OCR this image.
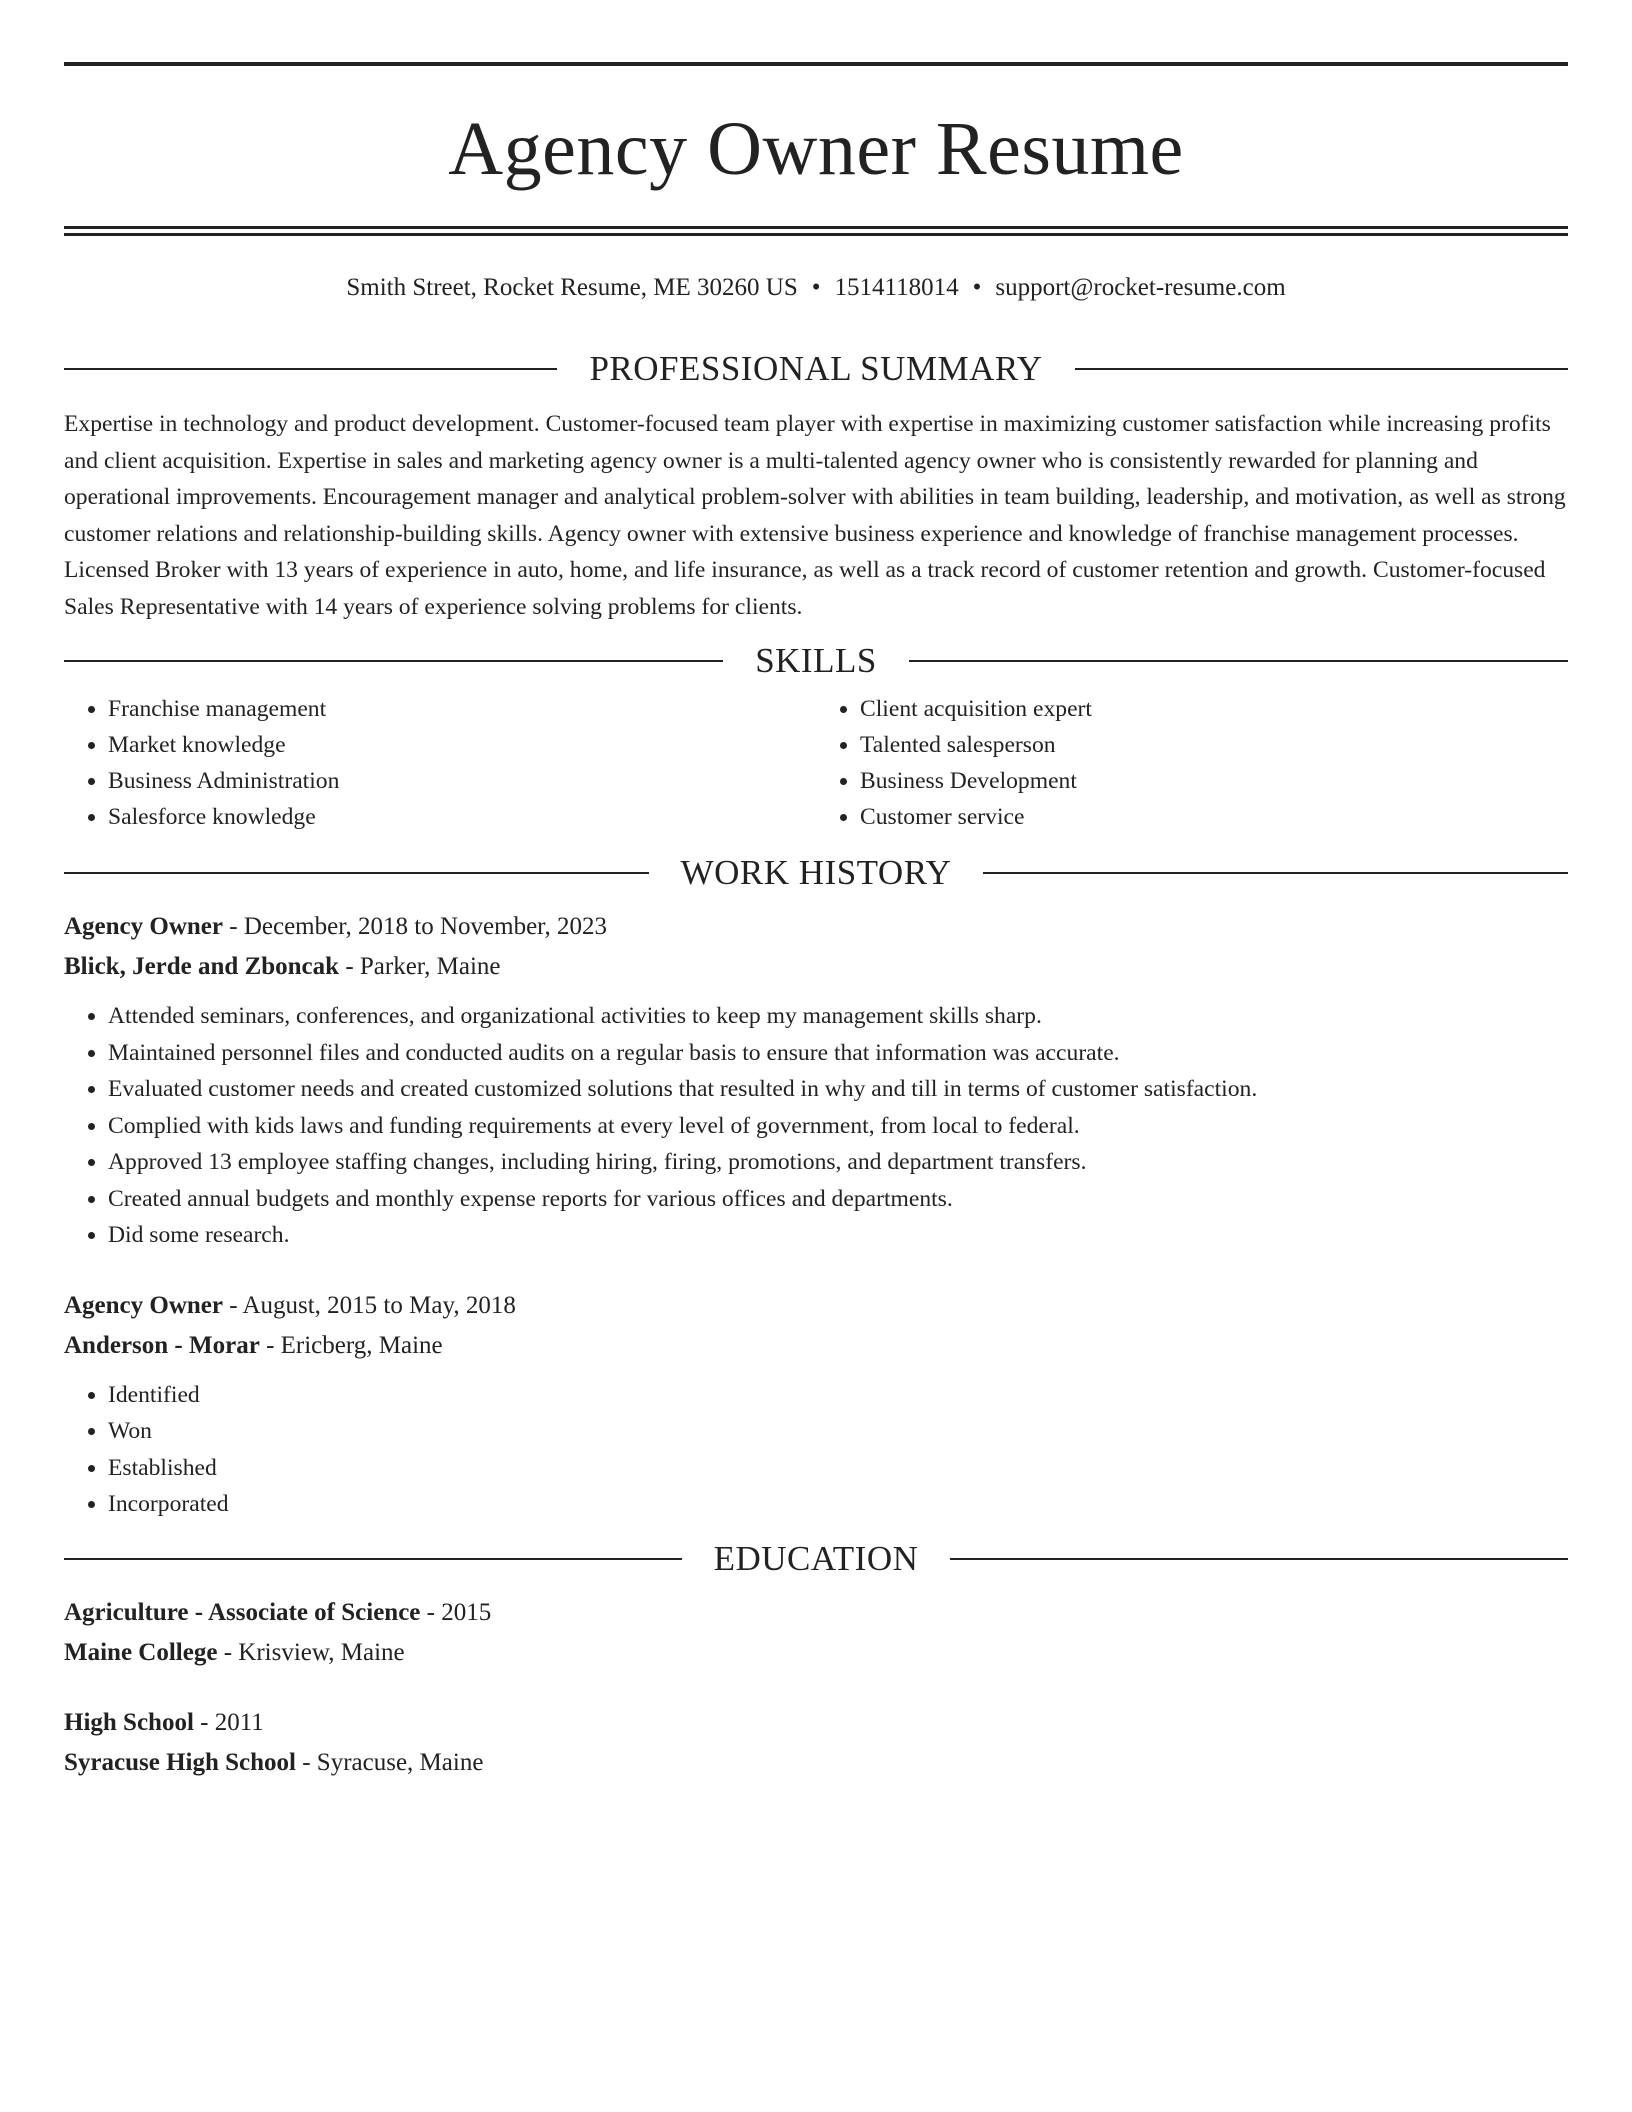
Agency Owner Resume
Smith Street, Rocket Resume, ME 30260 US • 1514118014 • support@rocket-resume.com
PROFESSIONAL SUMMARY
Expertise in technology and product development. Customer-focused team player with expertise in maximizing customer satisfaction while increasing profits and client acquisition. Expertise in sales and marketing agency owner is a multi-talented agency owner who is consistently rewarded for planning and operational improvements. Encouragement manager and analytical problem-solver with abilities in team building, leadership, and motivation, as well as strong customer relations and relationship-building skills. Agency owner with extensive business experience and knowledge of franchise management processes. Licensed Broker with 13 years of experience in auto, home, and life insurance, as well as a track record of customer retention and growth. Customer-focused Sales Representative with 14 years of experience solving problems for clients.
SKILLS
• Franchise management
• Market knowledge
• Business Administration
• Salesforce knowledge
• Client acquisition expert
• Talented salesperson
• Business Development
• Customer service
WORK HISTORY
Agency Owner - December, 2018 to November, 2023
Blick, Jerde and Zboncak - Parker, Maine
• Attended seminars, conferences, and organizational activities to keep my management skills sharp.
• Maintained personnel files and conducted audits on a regular basis to ensure that information was accurate.
• Evaluated customer needs and created customized solutions that resulted in why and till in terms of customer satisfaction.
• Complied with kids laws and funding requirements at every level of government, from local to federal.
• Approved 13 employee staffing changes, including hiring, firing, promotions, and department transfers.
• Created annual budgets and monthly expense reports for various offices and departments.
• Did some research.
Agency Owner - August, 2015 to May, 2018
Anderson - Morar - Ericberg, Maine
• Identified
• Won
• Established
• Incorporated
EDUCATION
Agriculture - Associate of Science - 2015
Maine College - Krisview, Maine
High School - 2011
Syracuse High School - Syracuse, Maine
